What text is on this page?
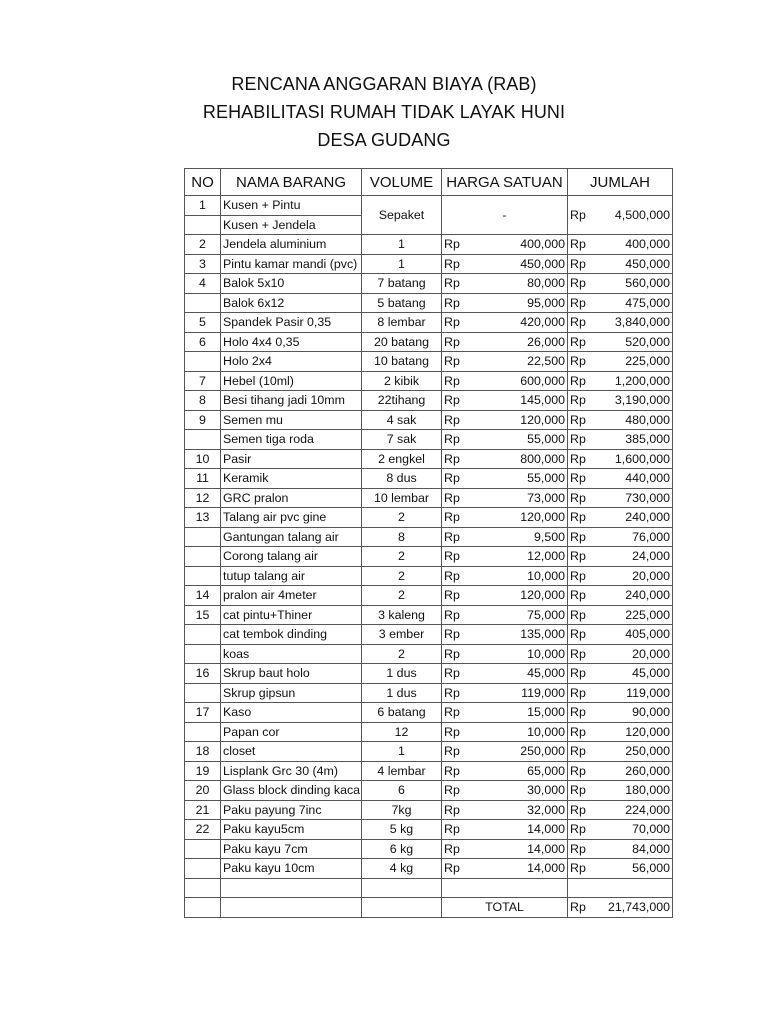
RENCANA ANGGARAN BIAYA (RAB)
REHABILITASI RUMAH TIDAK LAYAK HUNI
DESA GUDANG
NO	NAMA BARANG	VOLUME	HARGA SATUAN	JUMLAH
1	Kusen + Pintu	Sepaket	-	Rp 4,500,000

	Kusen + Jendela			
2	Jendela aluminium	1	Rp 400,000	Rp 400,000

3	Pintu kamar mandi (pvc)	1	Rp 450,000	Rp 450,000

4	Balok 5x10	7 batang	Rp 80,000	Rp 560,000

	Balok 6x12	5 batang	Rp 95,000	Rp 475,000

5	Spandek Pasir 0,35	8 lembar	Rp 420,000	Rp 3,840,000

6	Holo 4x4 0,35	20 batang	Rp 26,000	Rp 520,000

	Holo 2x4	10 batang	Rp 22,500	Rp 225,000

7	Hebel (10ml)	2 kibik	Rp 600,000	Rp 1,200,000

8	Besi tihang jadi 10mm	22tihang	Rp 145,000	Rp 3,190,000

9	Semen mu	4 sak	Rp 120,000	Rp 480,000

	Semen tiga roda	7 sak	Rp 55,000	Rp 385,000

10	Pasir	2 engkel	Rp 800,000	Rp 1,600,000

11	Keramik	8 dus	Rp 55,000	Rp 440,000

12	GRC pralon	10 lembar	Rp 73,000	Rp 730,000

13	Talang air pvc gine	2	Rp 120,000	Rp 240,000

	Gantungan talang air	8	Rp 9,500	Rp 76,000

	Corong talang air	2	Rp 12,000	Rp 24,000

	tutup talang air	2	Rp 10,000	Rp 20,000

14	pralon air 4meter	2	Rp 120,000	Rp 240,000

15	cat pintu+Thiner	3 kaleng	Rp 75,000	Rp 225,000

	cat tembok dinding	3 ember	Rp 135,000	Rp 405,000

	koas	2	Rp 10,000	Rp 20,000

16	Skrup baut holo	1 dus	Rp 45,000	Rp 45,000

	Skrup gipsun	1 dus	Rp 119,000	Rp 119,000

17	Kaso	6 batang	Rp 15,000	Rp 90,000

	Papan cor	12	Rp 10,000	Rp 120,000

18	closet	1	Rp 250,000	Rp 250,000

19	Lisplank Grc 30 (4m)	4 lembar	Rp 65,000	Rp 260,000

20	Glass block dinding kaca	6	Rp 30,000	Rp 180,000

21	Paku payung 7inc	7kg	Rp 32,000	Rp 224,000

22	Paku kayu5cm	5 kg	Rp 14,000	Rp 70,000

	Paku kayu 7cm	6 kg	Rp 14,000	Rp 84,000

	Paku kayu 10cm	4 kg	Rp 14,000	Rp 56,000

			TOTAL	Rp 21,743,000
